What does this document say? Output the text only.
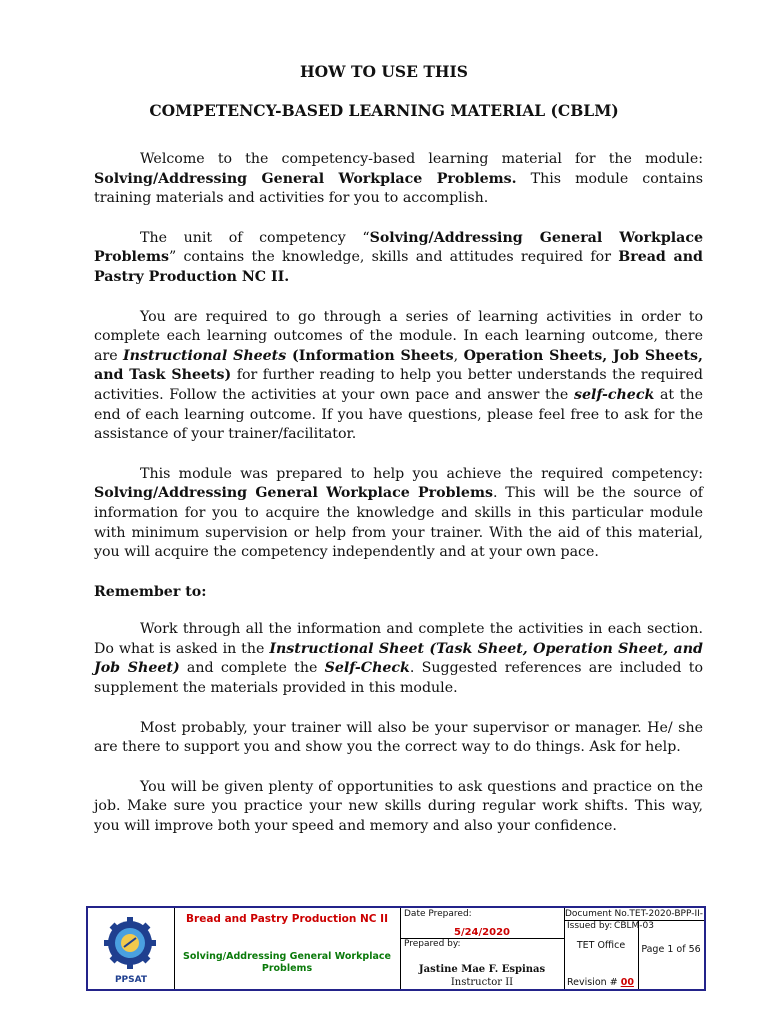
HOW TO USE THIS
COMPETENCY-BASED LEARNING MATERIAL (CBLM)

Welcome to the competency-based learning material for the module: Solving/Addressing General Workplace Problems. This module contains training materials and activities for you to accomplish.

The unit of competency “Solving/Addressing General Workplace Problems” contains the knowledge, skills and attitudes required for Bread and Pastry Production NC II.

You are required to go through a series of learning activities in order to complete each learning outcomes of the module. In each learning outcome, there are Instructional Sheets (Information Sheets, Operation Sheets, Job Sheets, and Task Sheets) for further reading to help you better understands the required activities. Follow the activities at your own pace and answer the self-check at the end of each learning outcome. If you have questions, please feel free to ask for the assistance of your trainer/facilitator.

This module was prepared to help you achieve the required competency: Solving/Addressing General Workplace Problems. This will be the source of information for you to acquire the knowledge and skills in this particular module with minimum supervision or help from your trainer. With the aid of this material, you will acquire the competency independently and at your own pace.

Remember to:

Work through all the information and complete the activities in each section. Do what is asked in the Instructional Sheet (Task Sheet, Operation Sheet, and Job Sheet) and complete the Self-Check. Suggested references are included to supplement the materials provided in this module.

Most probably, your trainer will also be your supervisor or manager. He/ she are there to support you and show you the correct way to do things. Ask for help.

You will be given plenty of opportunities to ask questions and practice on the job. Make sure you practice your new skills during regular work shifts. This way, you will improve both your speed and memory and also your confidence.

PPSAT
Bread and Pastry Production NC II
Solving/Addressing General Workplace Problems
Date Prepared:
5/24/2020
Prepared by:
Jastine Mae F. Espinas
Instructor II
Document No.TET-2020-BPP-II-CBLM-03
Issued by:
TET Office
Revision # 00
Page 1 of 56
